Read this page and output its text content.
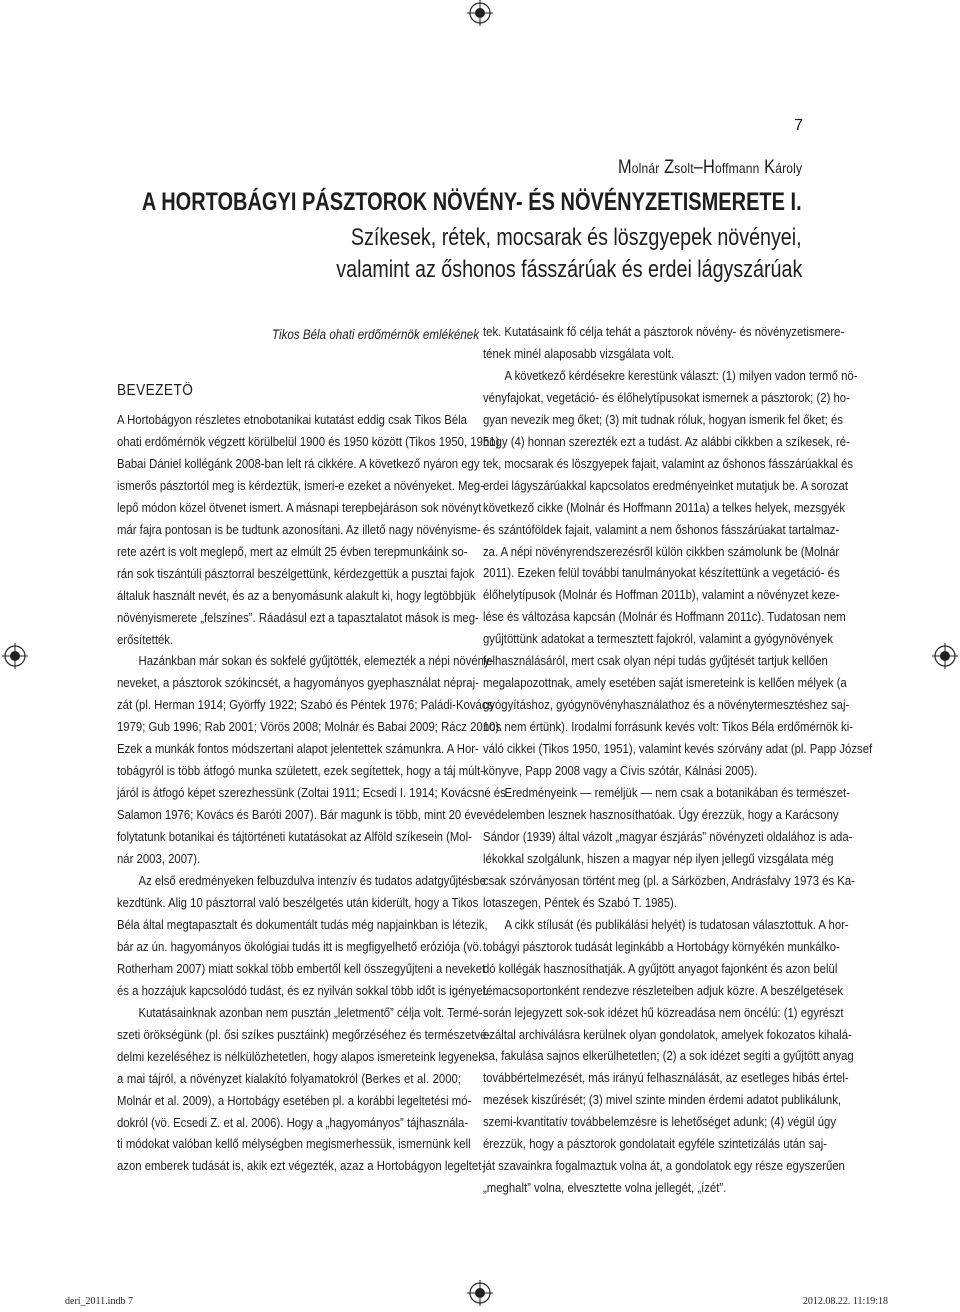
7
Molnár Zsolt–Hoffmann Károly
A HORTOBÁGYI PÁSZTOROK NÖVÉNY- ÉS NÖVÉNYZETISMERETE I.
Szíkesek, rétek, mocsarak és löszgyepek növényei,
valamint az őshonos fásszárúak és erdei lágyszárúak
Tikos Béla ohati erdőmérnök emlékének
BEVEZETŐ
A Hortobágyon részletes etnobotanikai kutatást eddig csak Tikos Béla
ohati erdőmérnök végzett körülbelül 1900 és 1950 között (Tikos 1950, 1951).
Babai Dániel kollégánk 2008-ban lelt rá cikkére. A következő nyáron egy
ismerős pásztortól meg is kérdeztük, ismeri-e ezeket a növényeket. Meg-
lepő módon közel ötvenet ismert. A másnapi terepbejáráson sok növényt
már fajra pontosan is be tudtunk azonosítani. Az illető nagy növényisme-
rete azért is volt meglepő, mert az elmúlt 25 évben terepmunkáink so-
rán sok tiszántúli pásztorral beszélgettünk, kérdezgettük a pusztai fajok
általuk használt nevét, és az a benyomásunk alakult ki, hogy legtöbbjük
növényismerete „felszínes”. Ráadásul ezt a tapasztalatot mások is meg-
erősítették.
Hazánkban már sokan és sokfelé gyűjtötték, elemezték a népi növény-
neveket, a pásztorok szókincsét, a hagyományos gyephasználat népraj-
zát (pl. Herman 1914; Györffy 1922; Szabó és Péntek 1976; Paládi-Kovács
1979; Gub 1996; Rab 2001; Vörös 2008; Molnár és Babai 2009; Rácz 2010).
Ezek a munkák fontos módszertani alapot jelentettek számunkra. A Hor-
tobágyról is több átfogó munka született, ezek segítettek, hogy a táj múlt-
járól is átfogó képet szerezhessünk (Zoltai 1911; Ecsedi I. 1914; Kovácsné és
Salamon 1976; Kovács és Baróti 2007). Bár magunk is több, mint 20 éve
folytatunk botanikai és tájtörténeti kutatásokat az Alföld szíkesein (Mol-
nár 2003, 2007).
Az első eredményeken felbuzdulva intenzív és tudatos adatgyűjtésbe
kezdtünk. Alig 10 pásztorral való beszélgetés után kiderült, hogy a Tikos
Béla által megtapasztalt és dokumentált tudás még napjainkban is létezik,
bár az ún. hagyományos ökológiai tudás itt is megfigyelhető eróziója (vö.
Rotherham 2007) miatt sokkal több embertől kell összegyűjteni a neveket
és a hozzájuk kapcsolódó tudást, és ez nyilván sokkal több időt is igényel.
Kutatásainknak azonban nem pusztán „leletmentő” célja volt. Termé-
szeti örökségünk (pl. ősi szíkes pusztáink) megőrzéséhez és természetvé-
delmi kezeléséhez is nélkülözhetetlen, hogy alapos ismereteink legyenek
a mai tájról, a növényzet kialakító folyamatokról (Berkes et al. 2000;
Molnár et al. 2009), a Hortobágy esetében pl. a korábbi legeltetési mó-
dokról (vö. Ecsedi Z. et al. 2006). Hogy a „hagyományos” tájhasznála-
ti módokat valóban kellő mélységben megismerhessük, ismernünk kell
azon emberek tudását is, akik ezt végezték, azaz a Hortobágyon legeltet-
tek. Kutatásaink fő célja tehát a pásztorok növény- és növényzetismere-
tének minél alaposabb vizsgálata volt.
A következő kérdésekre kerestünk választ: (1) milyen vadon termő nö-
vényfajokat, vegetáció- és élőhelytípusokat ismernek a pásztorok; (2) ho-
gyan nevezik meg őket; (3) mit tudnak róluk, hogyan ismerik fel őket; és
hogy (4) honnan szerezték ezt a tudást. Az alábbi cikkben a szíkesek, ré-
tek, mocsarak és löszgyepek fajait, valamint az őshonos fásszárúakkal és
erdei lágyszárúakkal kapcsolatos eredményeinket mutatjuk be. A sorozat
következő cikke (Molnár és Hoffmann 2011a) a telkes helyek, mezsgyék
és szántóföldek fajait, valamint a nem őshonos fásszárúakat tartalmaz-
za. A népi növényrendszerezésről külön cikkben számolunk be (Molnár
2011). Ezeken felül további tanulmányokat készítettünk a vegetáció- és
élőhelytípusok (Molnár és Hoffman 2011b), valamint a növényzet keze-
lése és változása kapcsán (Molnár és Hoffmann 2011c). Tudatosan nem
gyűjtöttünk adatokat a termesztett fajokról, valamint a gyógynövények
felhasználásáról, mert csak olyan népi tudás gyűjtését tartjuk kellően
megalapozottnak, amely esetében saját ismereteink is kellően mélyek (a
gyógyításhoz, gyógynövényhasználathoz és a növénytermesztéshez saj-
nos nem értünk). Irodalmi forrásunk kevés volt: Tikos Béla erdőmérnök ki-
váló cikkei (Tikos 1950, 1951), valamint kevés szórvány adat (pl. Papp József
könyve, Papp 2008 vagy a Cívis szótár, Kálnási 2005).
Eredményeink — reméljük — nem csak a botanikában és természet-
védelemben lesznek hasznosíthatóak. Úgy érezzük, hogy a Karácsony
Sándor (1939) által vázolt „magyar észjárás” növényzeti oldalához is ada-
lékokkal szolgálunk, hiszen a magyar nép ilyen jellegű vizsgálata még
csak szórványosan történt meg (pl. a Sárközben, Andrásfalvy 1973 és Ka-
lotaszegen, Péntek és Szabó T. 1985).
A cikk stílusát (és publikálási helyét) is tudatosan választottuk. A hor-
tobágyi pásztorok tudását leginkább a Hortobágy környékén munkálko-
dó kollégák hasznosíthatják. A gyűjtött anyagot fajonként és azon belül
témacsoportonként rendezve részleteiben adjuk közre. A beszélgetések
során lejegyzett sok-sok idézet hű közreadása nem öncélú: (1) egyrészt
ezáltal archiválásra kerülnek olyan gondolatok, amelyek fokozatos kihalá-
sa, fakulása sajnos elkerülhetetlen; (2) a sok idézet segíti a gyűjtött anyag
továbbértelmezését, más irányú felhasználását, az esetleges hibás értel-
mezések kiszűrését; (3) mivel szinte minden érdemi adatot publikálunk,
szemi-kvantitatív továbbelemzésre is lehetőséget adunk; (4) végül úgy
érezzük, hogy a pásztorok gondolatait egyféle szintetizálás után saj-
ját szavainkra fogalmaztuk volna át, a gondolatok egy része egyszerűen
„meghalt” volna, elvesztette volna jellegét, „ízét”.
deri_2011.indb 7	2012.08.22. 11:19:18
